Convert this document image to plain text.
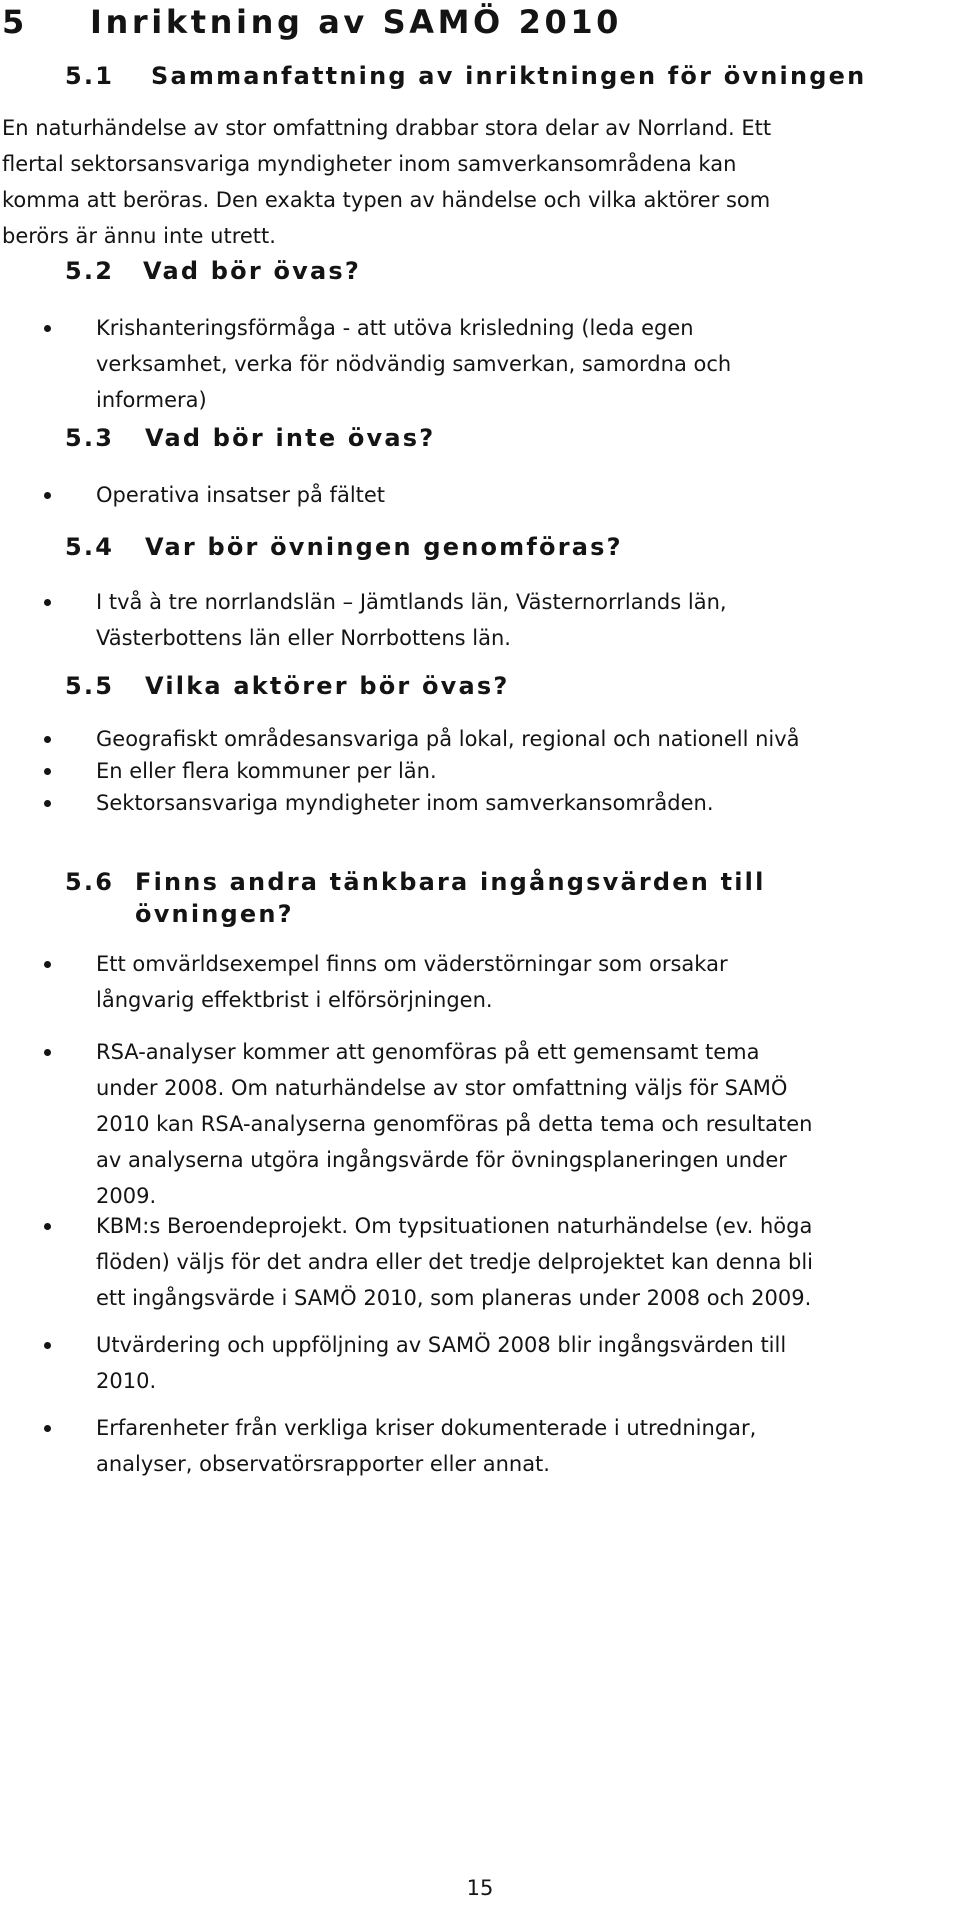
5 Inriktning av SAMÖ 2010
5.1 Sammanfattning av inriktningen för övningen
En naturhändelse av stor omfattning drabbar stora delar av Norrland. Ett
flertal sektorsansvariga myndigheter inom samverkansområdena kan
komma att beröras. Den exakta typen av händelse och vilka aktörer som
berörs är ännu inte utrett.
5.2 Vad bör övas?

Krishanteringsförmåga - att utöva krisledning (leda egen

verksamhet, verka för nödvändig samverkan, samordna och

informera)

5.3 Vad bör inte övas?

Operativa insatser på fältet

5.4 Var bör övningen genomföras?

I två à tre norrlandslän – Jämtlands län, Västernorrlands län,

Västerbottens län eller Norrbottens län.

5.5 Vilka aktörer bör övas?

Geografiskt områdesansvariga på lokal, regional och nationell nivå

En eller flera kommuner per län.

Sektorsansvariga myndigheter inom samverkansområden.

5.6 Finns andra tänkbara ingångsvärden till
övningen?

Ett omvärldsexempel finns om väderstörningar som orsakar

långvarig effektbrist i elförsörjningen.

RSA-analyser kommer att genomföras på ett gemensamt tema

under 2008. Om naturhändelse av stor omfattning väljs för SAMÖ

2010 kan RSA-analyserna genomföras på detta tema och resultaten

av analyserna utgöra ingångsvärde för övningsplaneringen under

2009.

KBM:s Beroendeprojekt. Om typsituationen naturhändelse (ev. höga

flöden) väljs för det andra eller det tredje delprojektet kan denna bli

ett ingångsvärde i SAMÖ 2010, som planeras under 2008 och 2009.

Utvärdering och uppföljning av SAMÖ 2008 blir ingångsvärden till

2010.

Erfarenheter från verkliga kriser dokumenterade i utredningar,

analyser, observatörsrapporter eller annat.

15
